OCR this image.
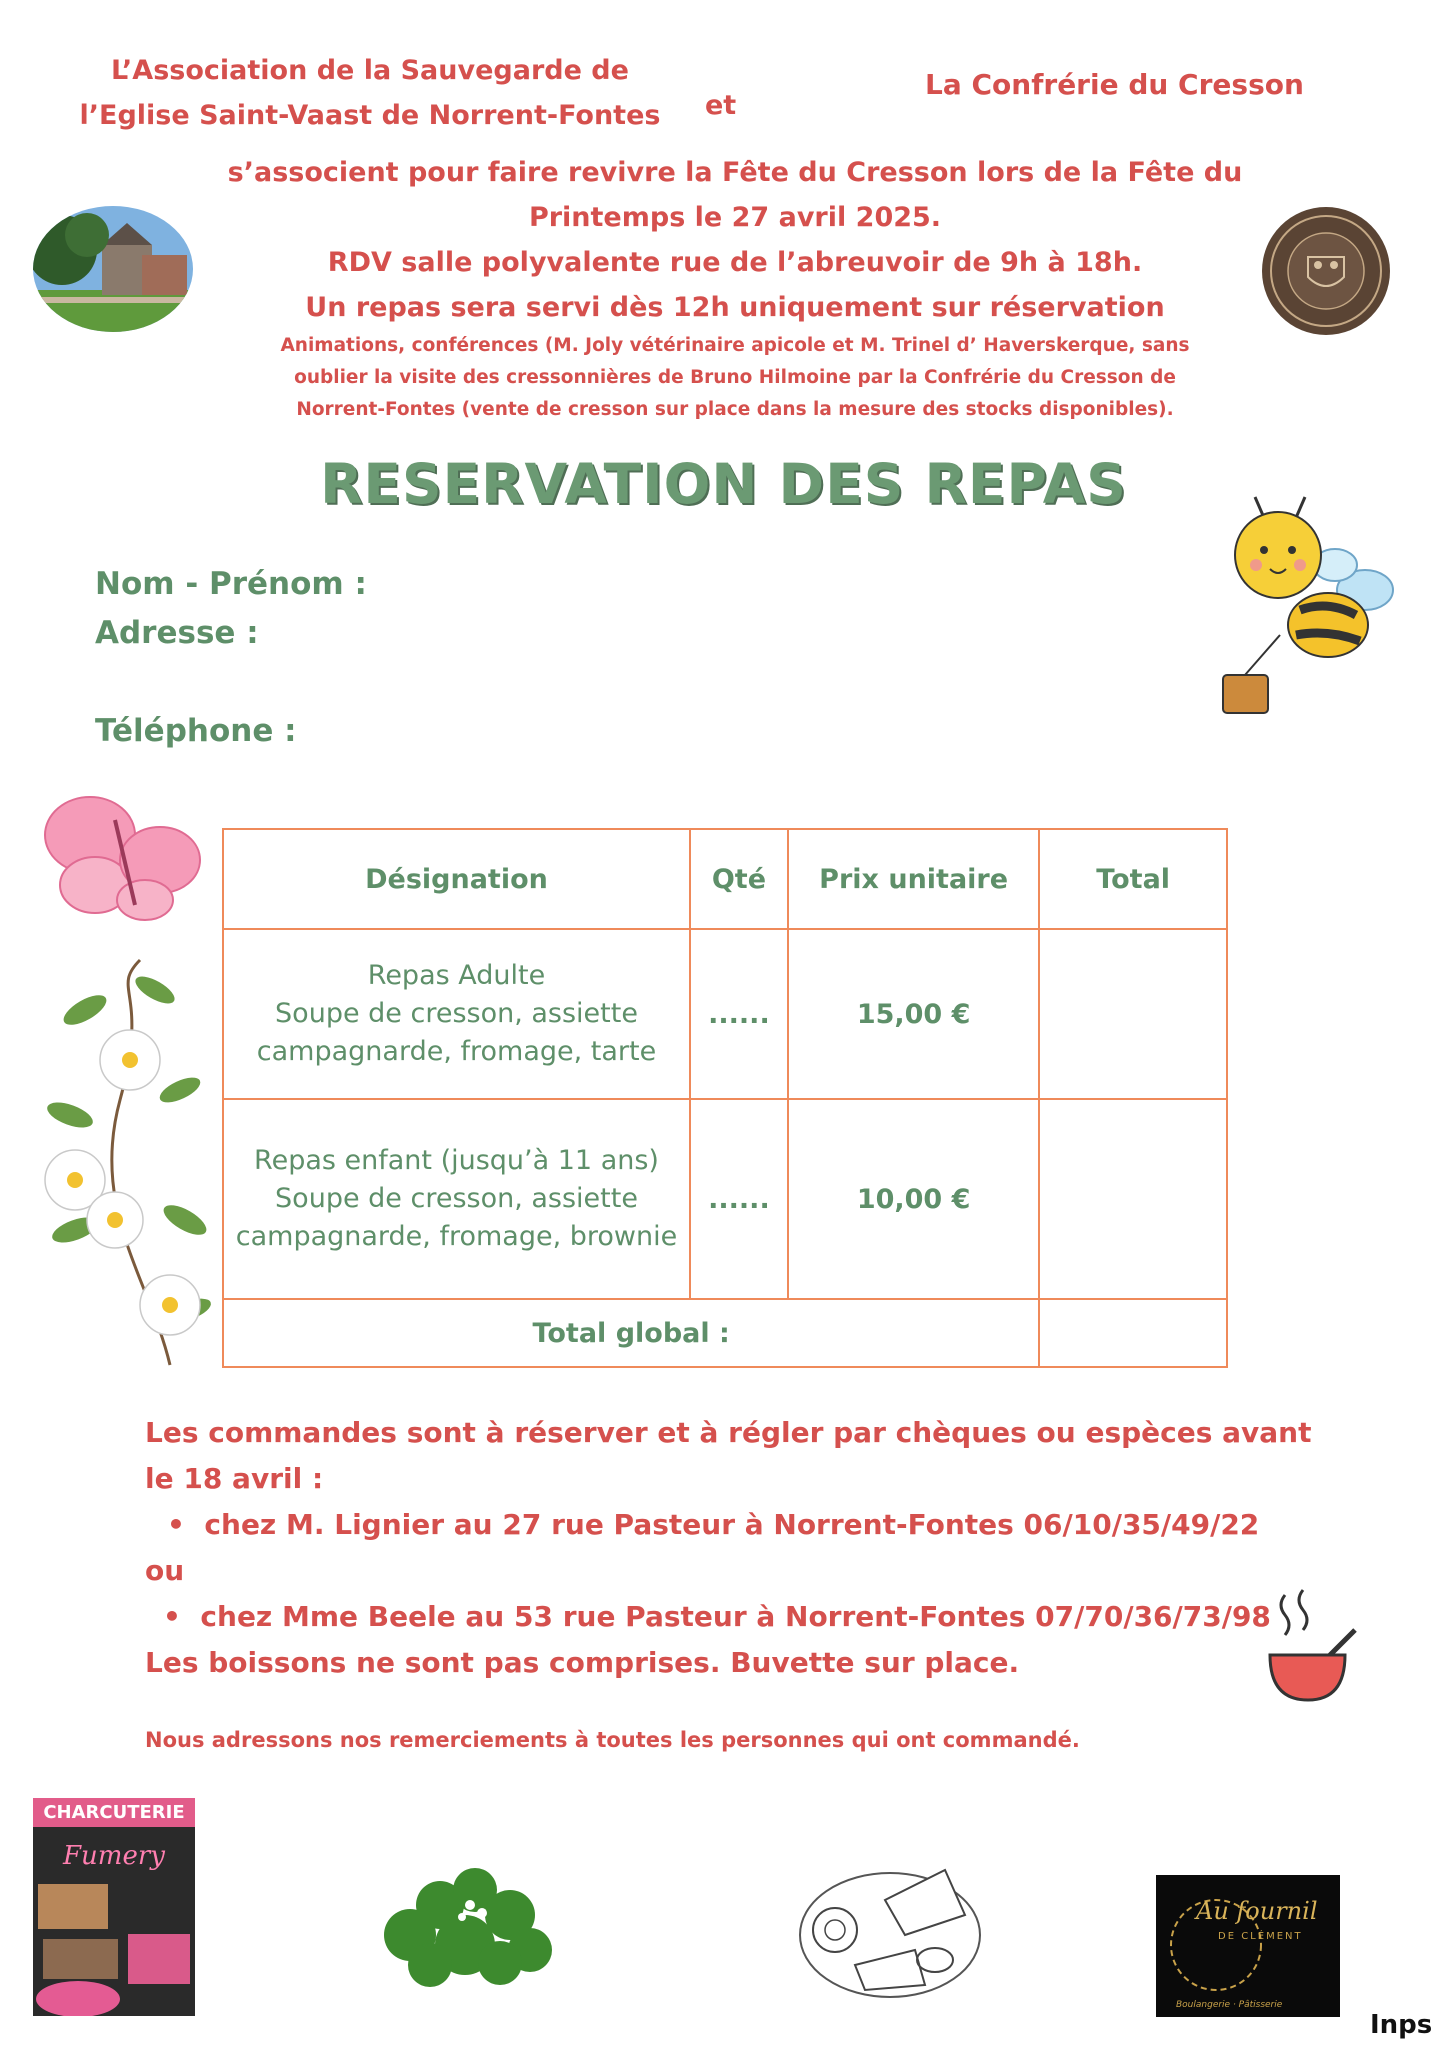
L’Association de la Sauvegarde de
l’Eglise Saint-Vaast de Norrent-Fontes	et
La Confrérie du Cresson
s’associent pour faire revivre la Fête du Cresson lors de la Fête du
Printemps le 27 avril 2025.
RDV salle polyvalente rue de l’abreuvoir de 9h à 18h.
Un repas sera servi dès 12h uniquement sur réservation
Animations, conférences (M. Joly vétérinaire apicole et M. Trinel d’ Haverskerque, sans
oublier la visite des cressonnières de Bruno Hilmoine par la Confrérie du Cresson de
Norrent-Fontes (vente de cresson sur place dans la mesure des stocks disponibles).
RESERVATION DES REPAS
Nom - Prénom :
Adresse :
Téléphone :
Désignation	Qté	Prix unitaire	Total

Repas Adulte
Soupe de cresson, assiette
campagnarde, fromage, tarte	......	15,00 €	

Repas enfant (jusqu’à 11 ans)
Soupe de cresson, assiette
campagnarde, fromage, brownie	......	10,00 €	
Total global :			
Les commandes sont à réserver et à régler par chèques ou espèces avant
le 18 avril :
•  chez M. Lignier au 27 rue Pasteur à Norrent-Fontes 06/10/35/49/22
ou
•  chez Mme Beele au 53 rue Pasteur à Norrent-Fontes 07/70/36/73/98
Les boissons ne sont pas comprises. Buvette sur place.
Nous adressons nos remerciements à toutes les personnes qui ont commandé.
CHARCUTERIE
Fumery
Au fournil
DE CLÉMENT
Boulangerie · Pâtisserie
Inps
